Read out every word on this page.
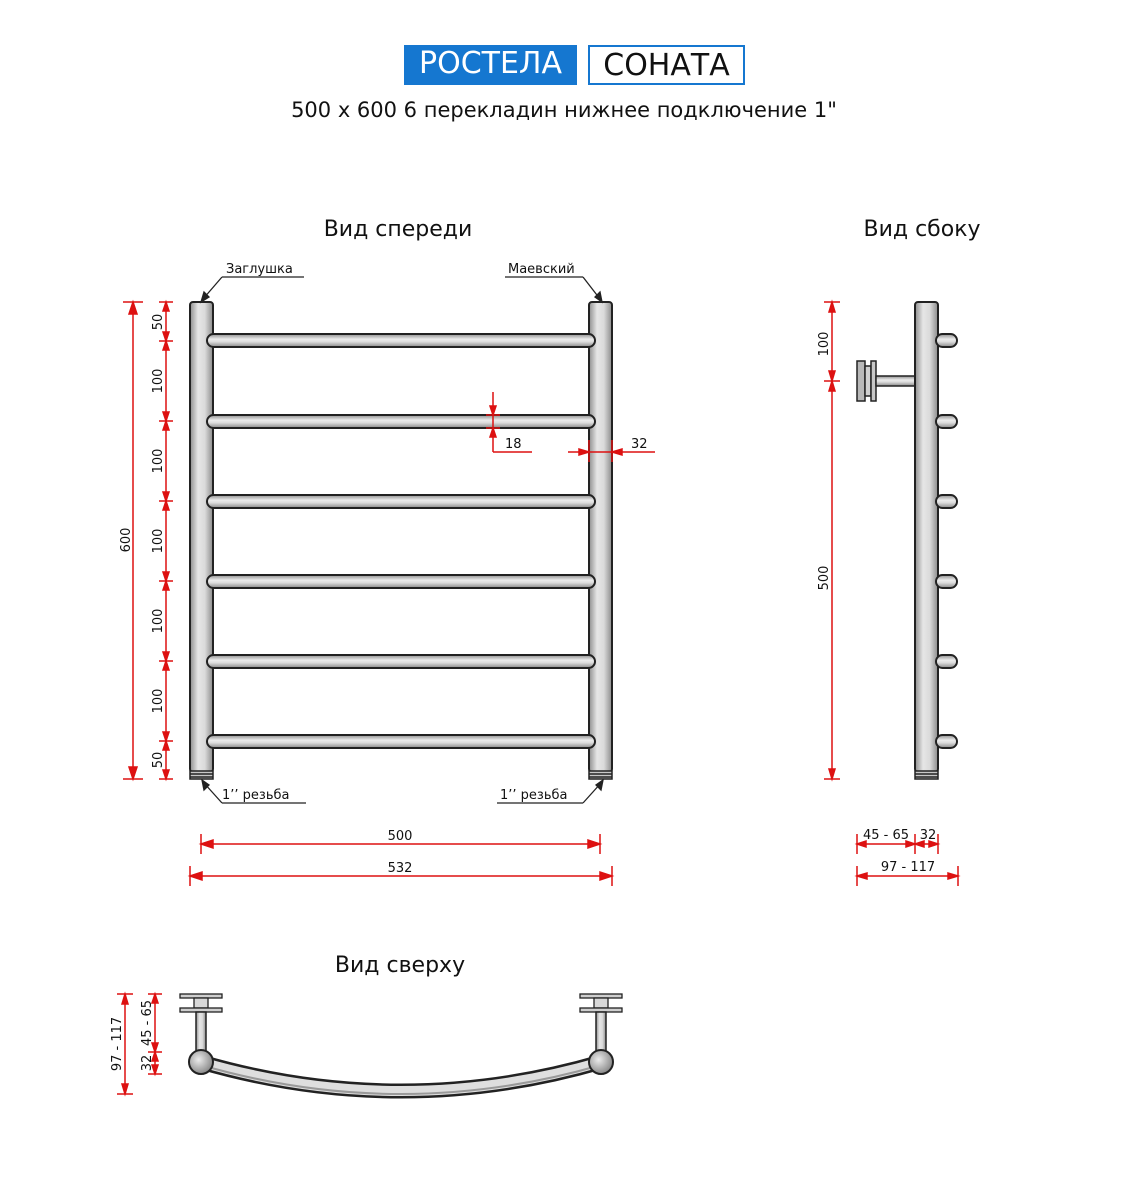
РОСТЕЛА	СОНАТА
500 х 600 6 перекладин нижнее подключение 1"
Вид спереди	Вид сбоку
Вид сверху
Заглушка	Маевский
1’’ резьба	1’’ резьба
600
50
100
100
100
100
100
50
18	32
500
532
100
500
45 - 65 32
97 - 117
97 - 117 45 - 65
32
